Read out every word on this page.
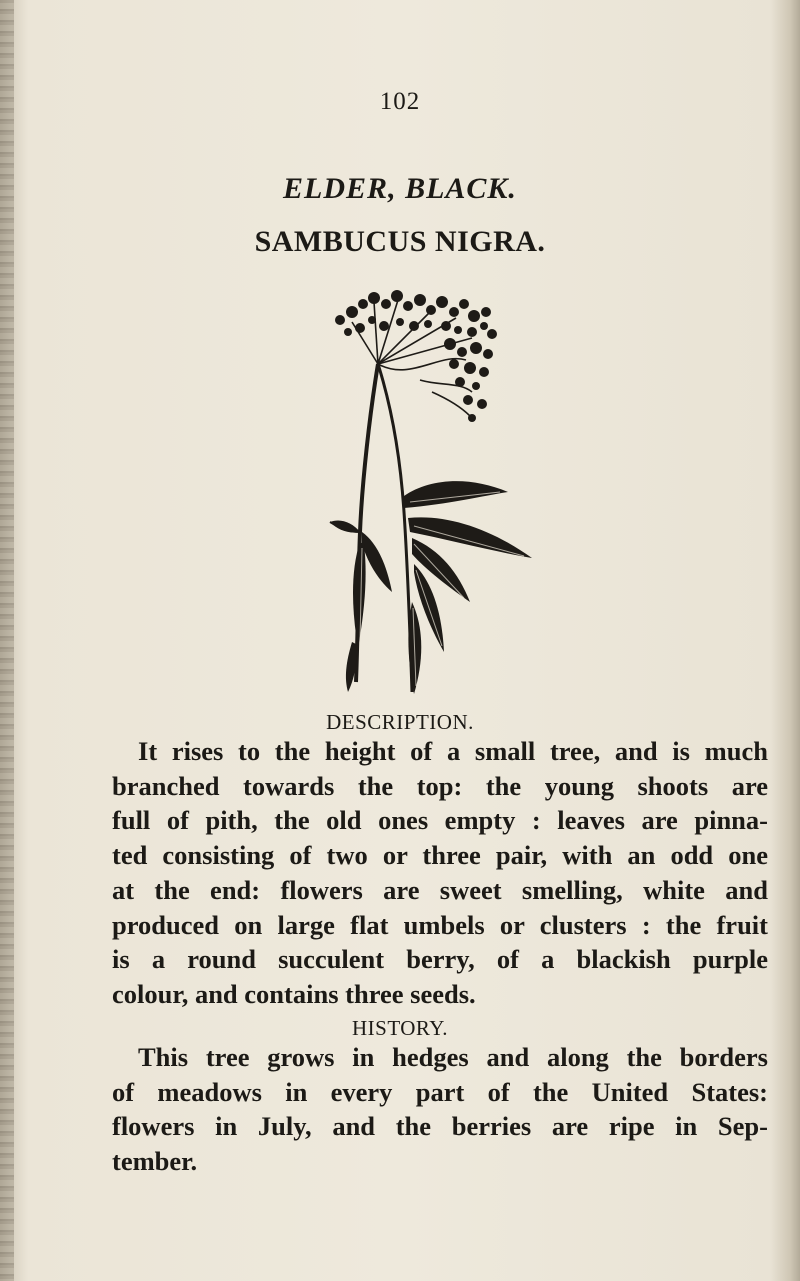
102
ELDER, BLACK.
SAMBUCUS NIGRA.
DESCRIPTION.
It rises to the height of a small tree, and is much
branched towards the top: the young shoots are
full of pith, the old ones empty : leaves are pinna-
ted consisting of two or three pair, with an odd one
at the end: flowers are sweet smelling, white and
produced on large flat umbels or clusters : the fruit
is a round succulent berry, of a blackish purple
colour, and contains three seeds.
HISTORY.
This tree grows in hedges and along the borders
of meadows in every part of the United States:
flowers in July, and the berries are ripe in Sep-
tember.
